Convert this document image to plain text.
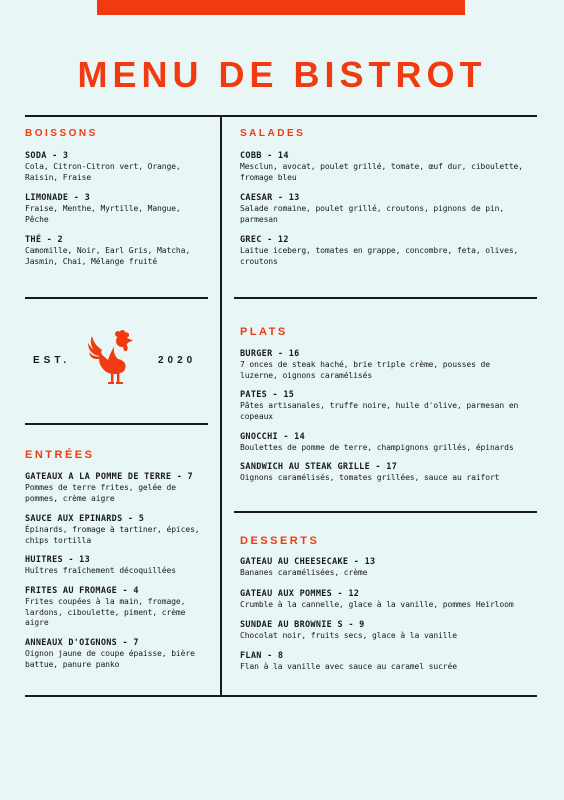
MENU DE BISTROT
BOISSONS
SODA - 3
Cola, Citron-Citron vert, Orange, Raisin, Fraise
LIMONADE - 3
Fraise, Menthe, Myrtille, Mangue, Pêche
THÉ - 2
Camomille, Noir, Earl Gris, Matcha, Jasmin, Chai, Mélange fruité
EST.	2020
ENTRÉES
GATEAUX A LA POMME DE TERRE - 7
Pommes de terre frites, gelée de pommes, crème aigre
SAUCE AUX EPINARDS - 5
Épinards, fromage à tartiner, épices, chips tortilla
HUITRES - 13
Huîtres fraîchement décoquillées
FRITES AU FROMAGE - 4
Frites coupées à la main, fromage, lardons, ciboulette, piment, crème aigre
ANNEAUX D'OIGNONS - 7
Oignon jaune de coupe épaisse, bière battue, panure panko
SALADES
COBB - 14
Mesclun, avocat, poulet grillé, tomate, œuf dur, ciboulette, fromage bleu
CAESAR - 13
Salade romaine, poulet grillé, croutons, pignons de pin, parmesan
GREC - 12
Laitue iceberg, tomates en grappe, concombre, feta, olives, croutons
PLATS
BURGER - 16
7 onces de steak haché, brie triple crème, pousses de luzerne, oignons caramélisés
PATES - 15
Pâtes artisanales, truffe noire, huile d'olive, parmesan en copeaux
GNOCCHI - 14
Boulettes de pomme de terre, champignons grillés, épinards
SANDWICH AU STEAK GRILLE - 17
Oignons caramélisés, tomates grillées, sauce au raifort
DESSERTS
GATEAU AU CHEESECAKE - 13
Bananes caramélisées, crème
GATEAU AUX POMMES - 12
Crumble à la cannelle, glace à la vanille, pommes Heirloom
SUNDAE AU BROWNIE S - 9
Chocolat noir, fruits secs, glace à la vanille
FLAN - 8
Flan à la vanille avec sauce au caramel sucrée
